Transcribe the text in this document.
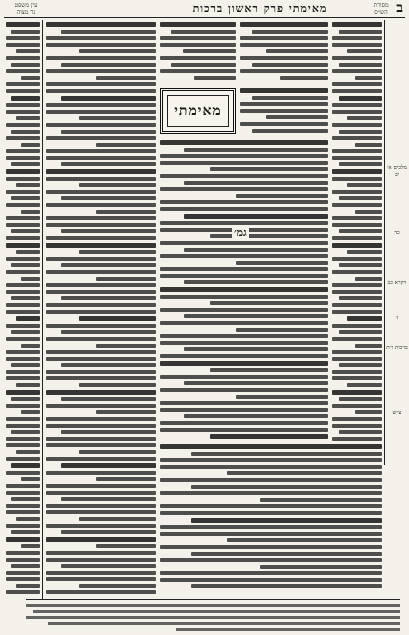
ב
מאימתי פרק ראשון ברכות
עין משפט
נר מצוה
מסורת
הש״ס
מאימתי
גמ׳
מלכים א׳ יב
כד
ויקרא כב
ז׳
ברכות ו״ת
ע״ש
